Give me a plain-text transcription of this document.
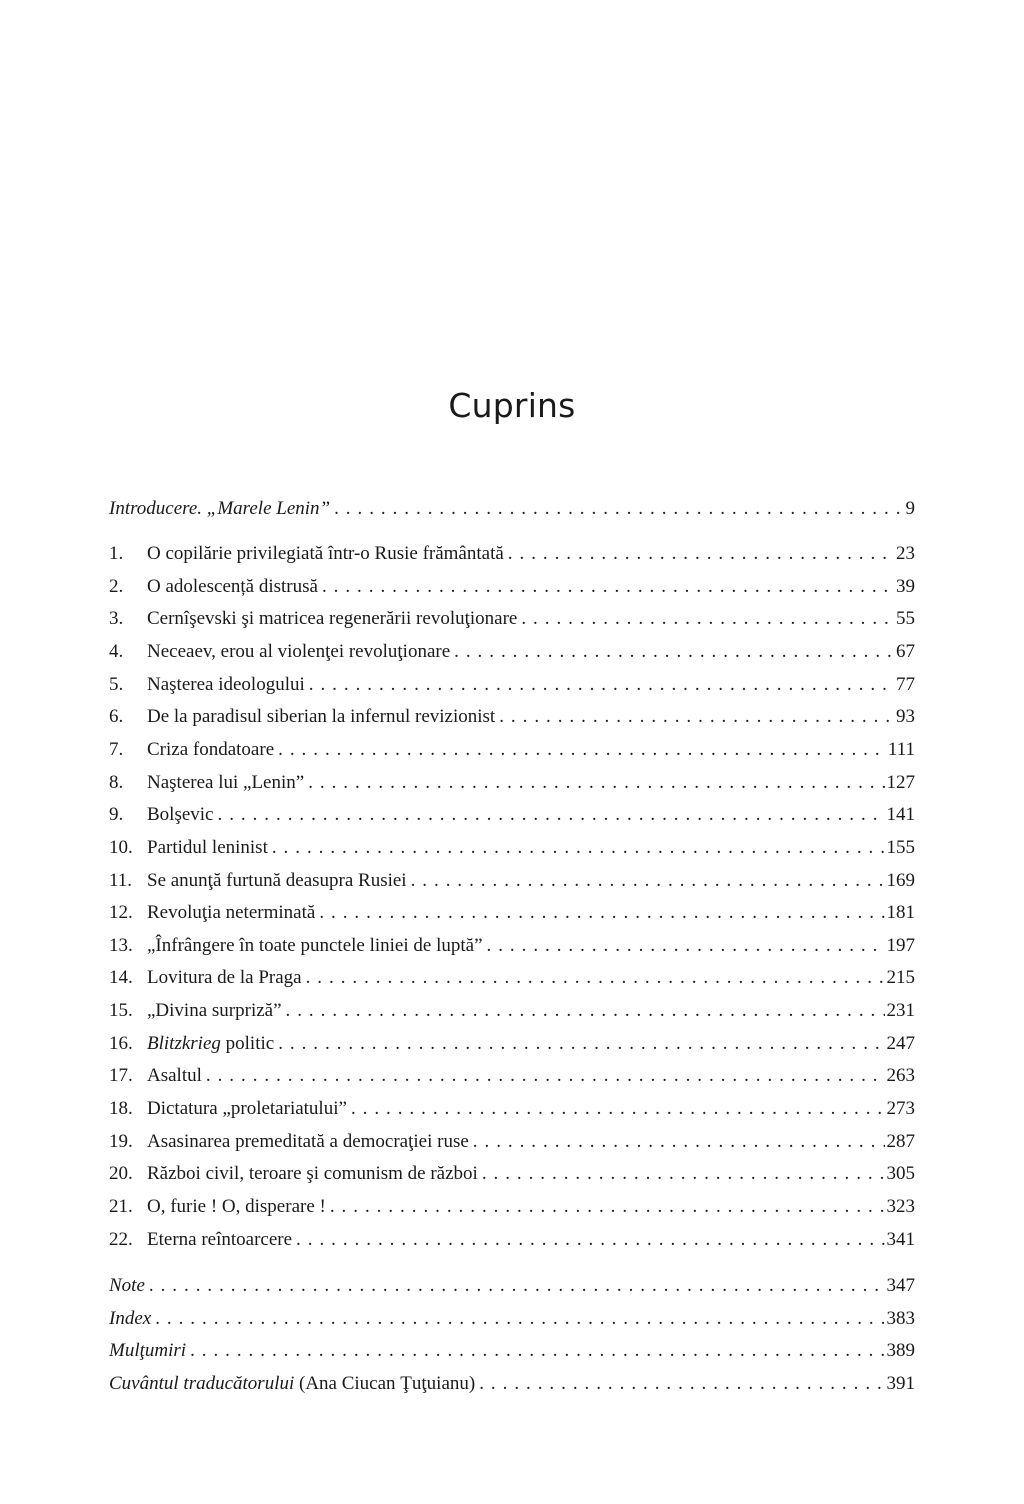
Cuprins
Introducere. „Marele Lenin” . . .	9
1.	O copilărie privilegiată într-o Rusie frământată . . .	23
2.	O adolescență distrusă . . .	39
3.	Cernîşevski şi matricea regenerării revoluţionare . . .	55
4.	Neceaev, erou al violenţei revoluţionare . . .	67
5.	Naşterea ideologului . . .	77
6.	De la paradisul siberian la infernul revizionist . . .	93
7.	Criza fondatoare . . .	111
8.	Naşterea lui „Lenin” . . .	127
9.	Bolşevic . . .	141
10. Partidul leninist . . .	155
11. Se anunţă furtună deasupra Rusiei . . .	169
12. Revoluţia neterminată . . .	181
13. „Înfrângere în toate punctele liniei de luptă” . . .	197
14. Lovitura de la Praga . . .	215
15. „Divina surpriză” . . .	231
16. Blitzkrieg politic . . .	247
17. Asaltul . . .	263
18. Dictatura „proletariatului” . . .	273
19. Asasinarea premeditată a democraţiei ruse . . .	287
20. Război civil, teroare şi comunism de război . . .	305
21. O, furie ! O, disperare ! . . .	323
22. Eterna reîntoarcere . . .	341
Note . . .	347
Index . . .	383
Mulţumiri . . .	389
Cuvântul traducătorului (Ana Ciucan Ţuţuianu) . . .	391
